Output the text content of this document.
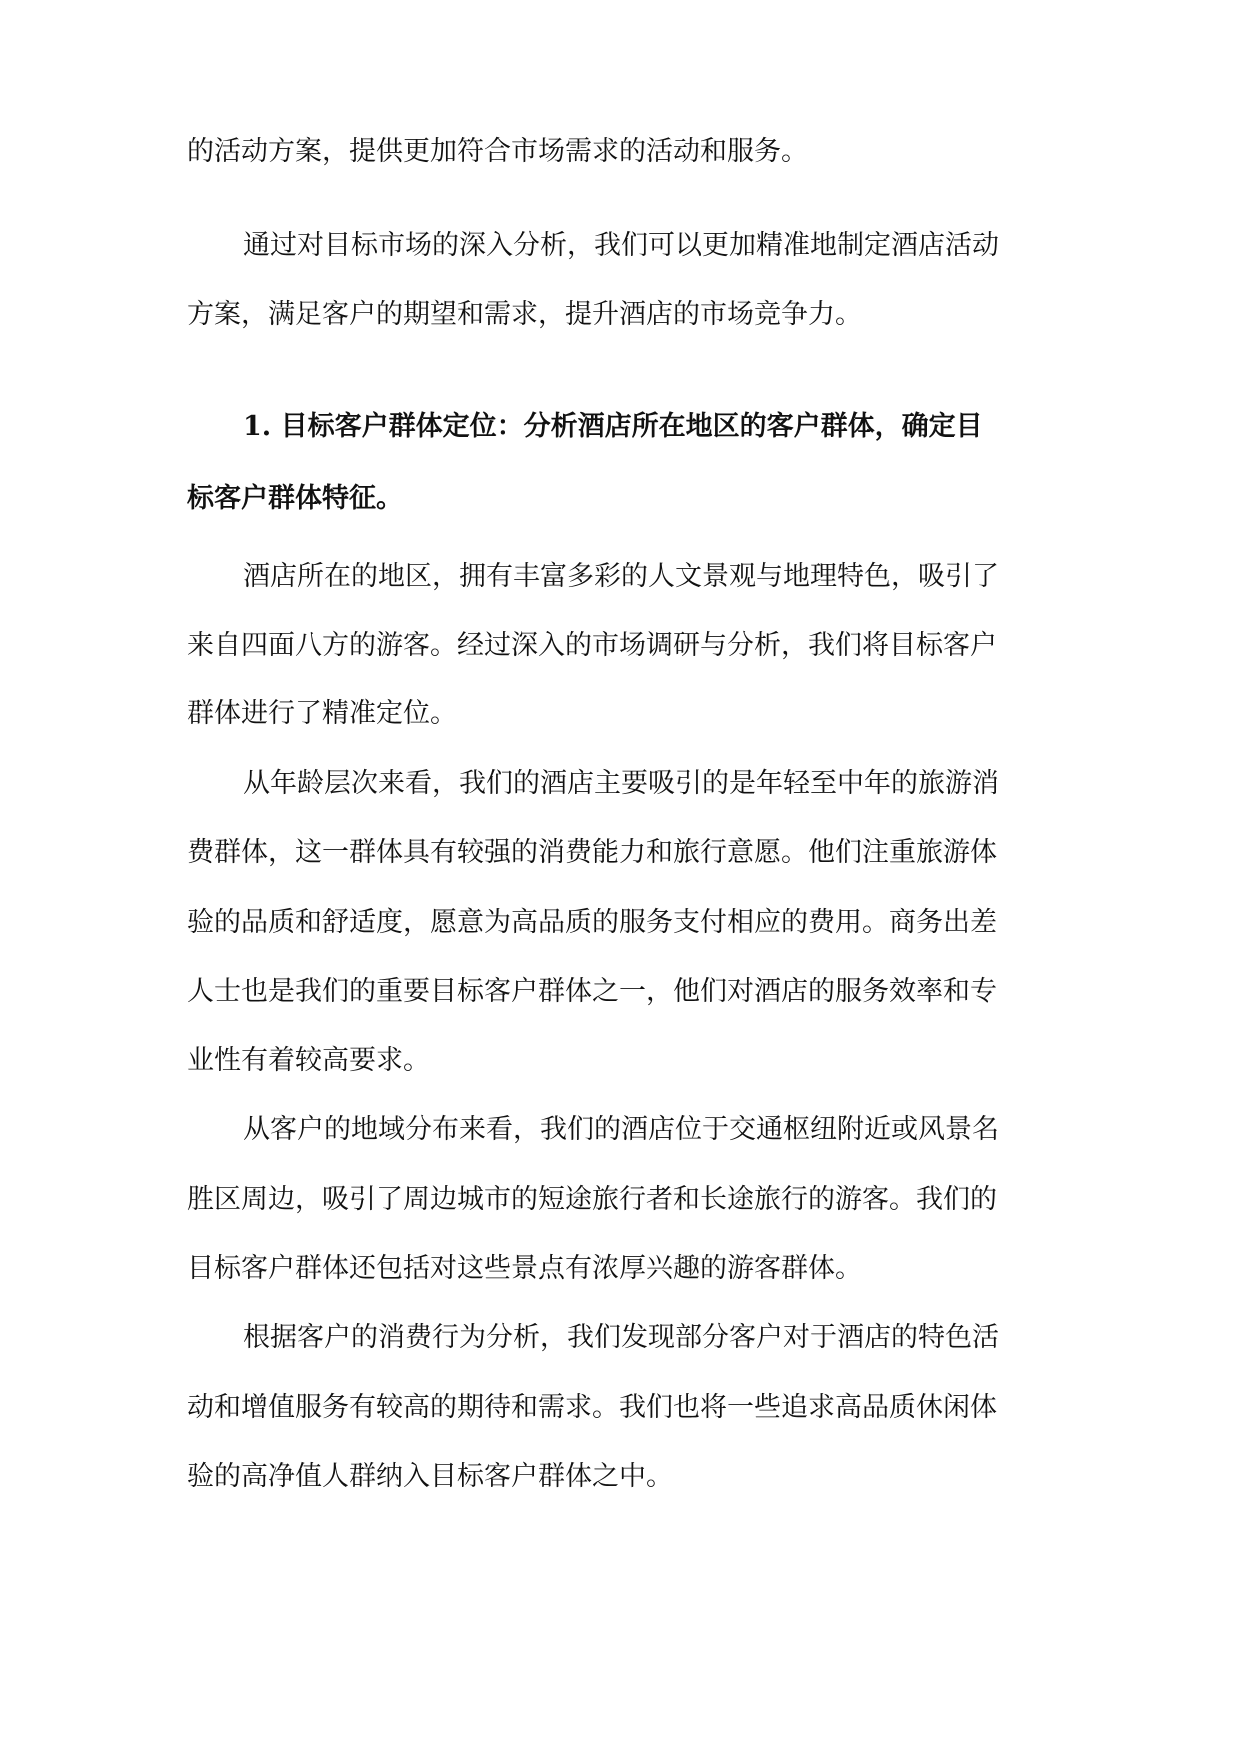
的活动方案，提供更加符合市场需求的活动和服务。
通过对目标市场的深入分析，我们可以更加精准地制定酒店活动
方案，满足客户的期望和需求，提升酒店的市场竞争力。
1. 目标客户群体定位：分析酒店所在地区的客户群体，确定目
标客户群体特征。
酒店所在的地区，拥有丰富多彩的人文景观与地理特色，吸引了
来自四面八方的游客。经过深入的市场调研与分析，我们将目标客户
群体进行了精准定位。
从年龄层次来看，我们的酒店主要吸引的是年轻至中年的旅游消
费群体，这一群体具有较强的消费能力和旅行意愿。他们注重旅游体
验的品质和舒适度，愿意为高品质的服务支付相应的费用。商务出差
人士也是我们的重要目标客户群体之一，他们对酒店的服务效率和专
业性有着较高要求。
从客户的地域分布来看，我们的酒店位于交通枢纽附近或风景名
胜区周边，吸引了周边城市的短途旅行者和长途旅行的游客。我们的
目标客户群体还包括对这些景点有浓厚兴趣的游客群体。
根据客户的消费行为分析，我们发现部分客户对于酒店的特色活
动和增值服务有较高的期待和需求。我们也将一些追求高品质休闲体
验的高净值人群纳入目标客户群体之中。
